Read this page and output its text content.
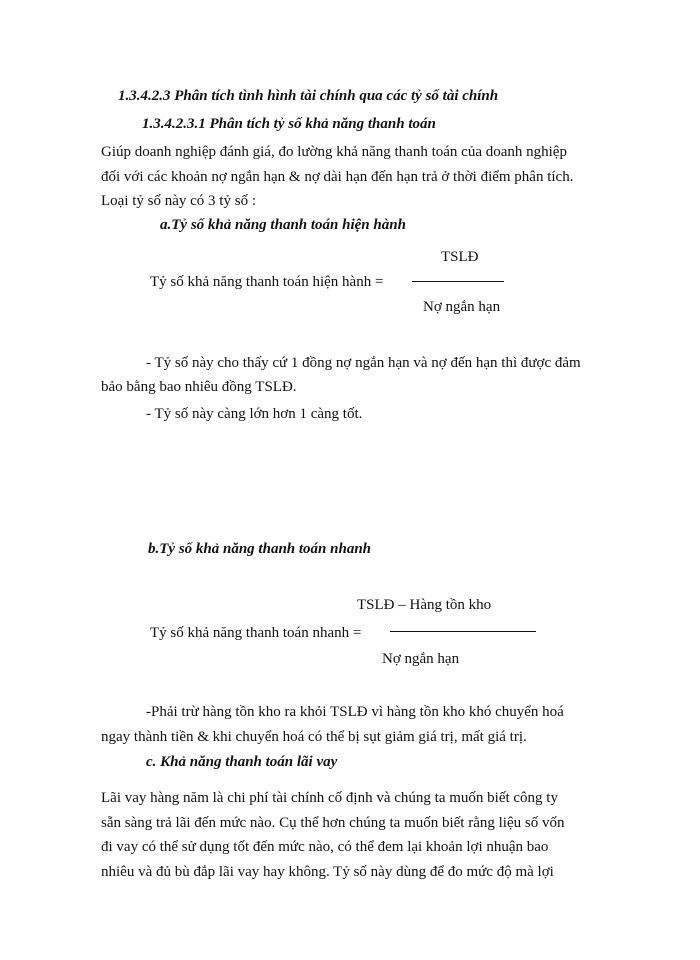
1.3.4.2.3 Phân tích tình hình tài chính qua các tỷ số tài chính
1.3.4.2.3.1 Phân tích tỷ số khả năng thanh toán
Giúp doanh nghiệp đánh giá, đo lường khả năng thanh toán của doanh nghiệp
đối với các khoản nợ ngắn hạn & nợ dài hạn đến hạn trả ở thời điểm phân tích.
Loại tỷ số này có 3 tỷ số :
a.Tỷ số khả năng thanh toán hiện hành
TSLĐ
Tỷ số khả năng thanh toán hiện hành =
Nợ ngắn hạn
- Tỷ số này cho thấy cứ 1 đồng nợ ngắn hạn và nợ đến hạn thì được đảm
bảo bằng bao nhiêu đồng TSLĐ.
- Tỷ số này càng lớn hơn 1 càng tốt.
b.Tỷ số khả năng thanh toán nhanh
TSLĐ – Hàng tồn kho
Tỷ số khả năng thanh toán nhanh =
Nợ ngắn hạn
-Phải trừ hàng tồn kho ra khỏi TSLĐ vì hàng tồn kho khó chuyển hoá
ngay thành tiền & khi chuyển hoá có thể bị sụt giảm giá trị, mất giá trị.
c. Khả năng thanh toán lãi vay
Lãi vay hàng năm là chi phí tài chính cố định và chúng ta muốn biết công ty
sẵn sàng trả lãi đến mức nào. Cụ thể hơn chúng ta muốn biết rằng liệu số vốn
đi vay có thể sử dụng tốt đến mức nào, có thể đem lại khoản lợi nhuận bao
nhiêu và đủ bù đắp lãi vay hay không. Tỷ số này dùng để đo mức độ mà lợi
